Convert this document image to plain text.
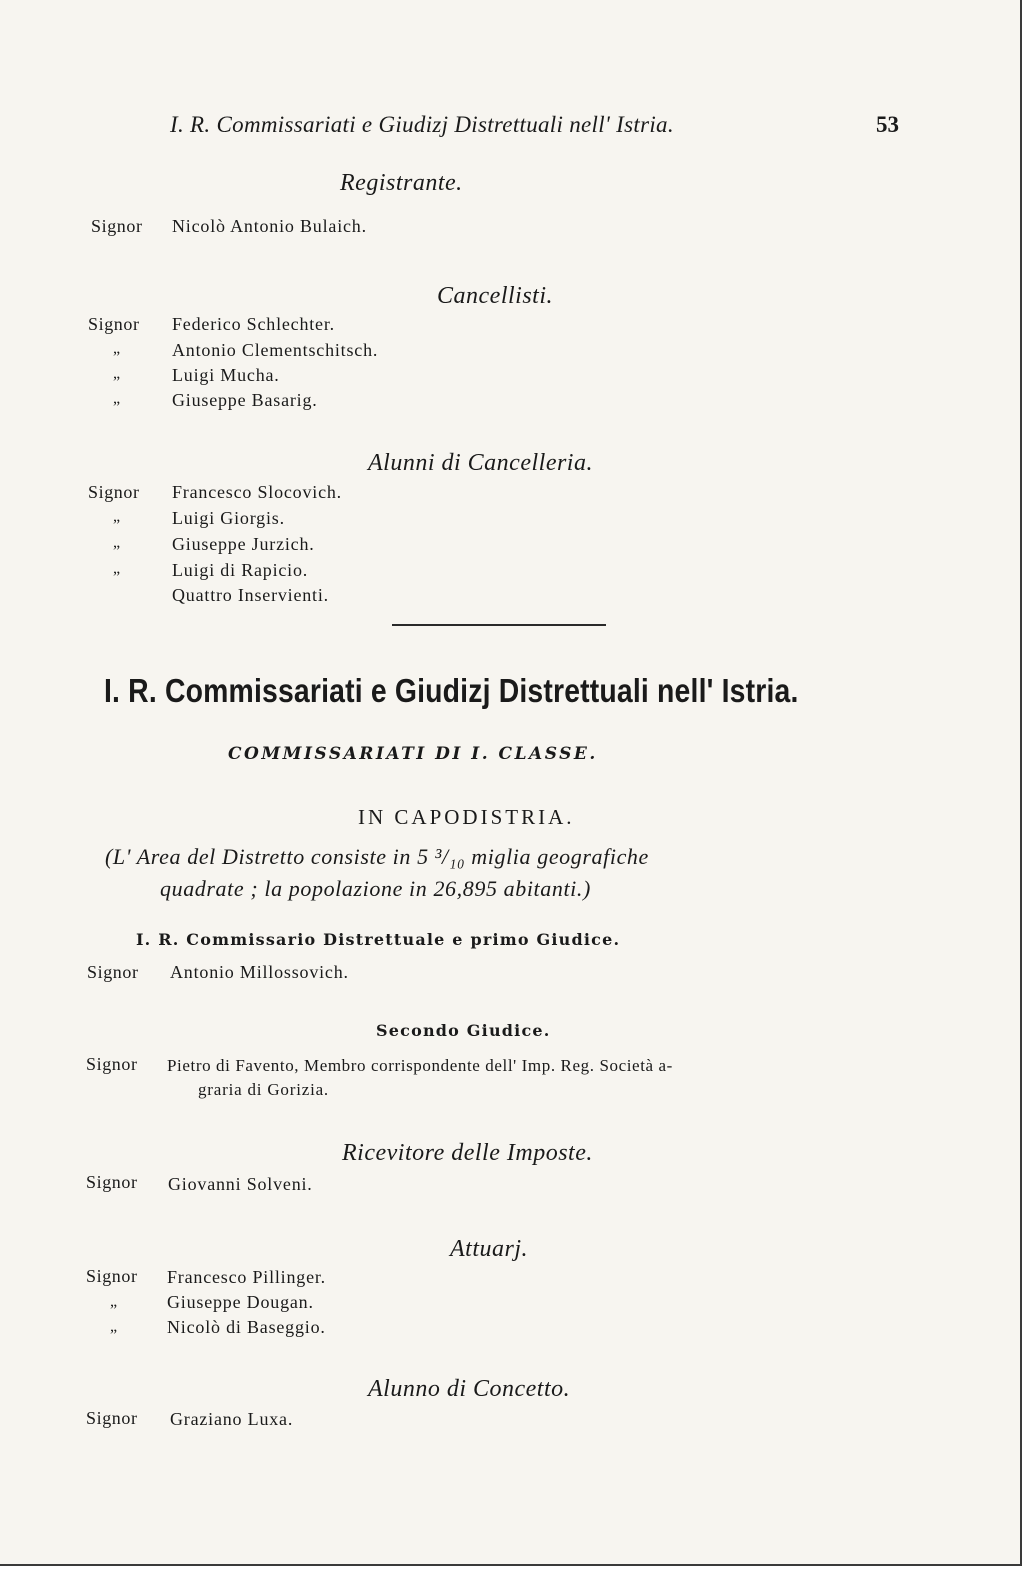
I. R. Commissariati e Giudizj Distrettuali nell' Istria.	53
Registrante.
Signor Nicolò Antonio Bulaich.
Cancellisti.
Signor Federico Schlechter.
„	Antonio Clementschitsch.
„	Luigi Mucha.
„	Giuseppe Basarig.
Alunni di Cancelleria.
Signor Francesco Slocovich.
„	Luigi Giorgis.
„	Giuseppe Jurzich.
„	Luigi di Rapicio.
Quattro Inservienti.
I. R. Commissariati e Giudizj Distrettuali nell' Istria.
COMMISSARIATI DI I. CLASSE.
IN CAPODISTRIA.
(L' Area del Distretto consiste in 5 ³/₁₀ miglia geografiche
quadrate ; la popolazione in 26,895 abitanti.)
I. R. Commissario Distrettuale e primo Giudice.
Signor Antonio Millossovich.
Secondo Giudice.
Signor Pietro di Favento, Membro corrispondente dell' Imp. Reg. Società a-
graria di Gorizia.
Ricevitore delle Imposte.
Signor Giovanni Solveni.
Attuarj.
Signor Francesco Pillinger.
„	Giuseppe Dougan.
„	Nicolò di Baseggio.
Alunno di Concetto.
Signor Graziano Luxa.
